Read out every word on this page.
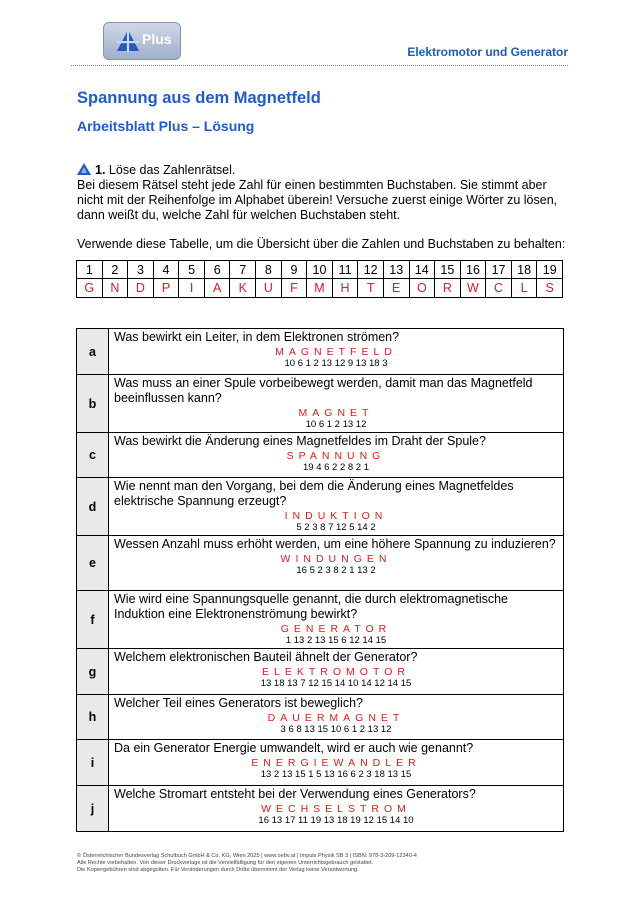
Plus
Elektromotor und Generator
Spannung aus dem Magnetfeld
Arbeitsblatt Plus – Lösung

1. Löse das Zahlenrätsel.

Bei diesem Rätsel steht jede Zahl für einen bestimmten Buchstaben. Sie stimmt aber nicht mit der Reihenfolge im Alphabet überein! Versuche zuerst einige Wörter zu lösen, dann weißt du, welche Zahl für welchen Buchstaben steht.

Verwende diese Tabelle, um die Übersicht über die Zahlen und Buchstaben zu behalten:

1	2	3	4	5	6	7	8	9	10	11	12	13	14	15	16	17	18	19
G	N	D	P	I	A	K	U	F	M	H	T	E	O	R	W	C	L	S
a	Was bewirkt ein Leiter, in dem Elektronen strömen?
MAGNETFELD
10 6 1 2 13 12 9 13 18 3

b	Was muss an einer Spule vorbeibewegt werden, damit man das Magnetfeld beeinflussen kann?
MAGNET
10 6 1 2 13 12

c	Was bewirkt die Änderung eines Magnetfeldes im Draht der Spule?
SPANNUNG
19 4 6 2 2 8 2 1

d	Wie nennt man den Vorgang, bei dem die Änderung eines Magnetfeldes elektrische Spannung erzeugt?
INDUKTION
5 2 3 8 7 12 5 14 2

e	Wessen Anzahl muss erhöht werden, um eine höhere Spannung zu induzieren?
WINDUNGEN
16 5 2 3 8 2 1 13 2

f	Wie wird eine Spannungsquelle genannt, die durch elektromagnetische Induktion eine Elektronenströmung bewirkt?
GENERATOR
1 13 2 13 15 6 12 14 15

g	Welchem elektronischen Bauteil ähnelt der Generator?
ELEKTROMOTOR
13 18 13 7 12 15 14 10 14 12 14 15

h	Welcher Teil eines Generators ist beweglich?
DAUERMAGNET
3 6 8 13 15 10 6 1 2 13 12

i	Da ein Generator Energie umwandelt, wird er auch wie genannt?
ENERGIEWANDLER
13 2 13 15 1 5 13 16 6 2 3 18 13 15

j	Welche Stromart entsteht bei der Verwendung eines Generators?
WECHSELSTROM
16 13 17 11 19 13 18 19 12 15 14 10
© Österreichischer Bundesverlag Schulbuch GmbH & Co. KG, Wien 2025 | www.oebv.at | Impuls Physik SB 3 | ISBN: 978-3-209-12340-4
Alle Rechte vorbehalten. Von dieser Druckvorlage ist die Vervielfältigung für den eigenen Unterrichtsgebrauch gestattet.
Die Kopiergebühren sind abgegolten. Für Veränderungen durch Dritte übernimmt der Verlag keine Verantwortung.
